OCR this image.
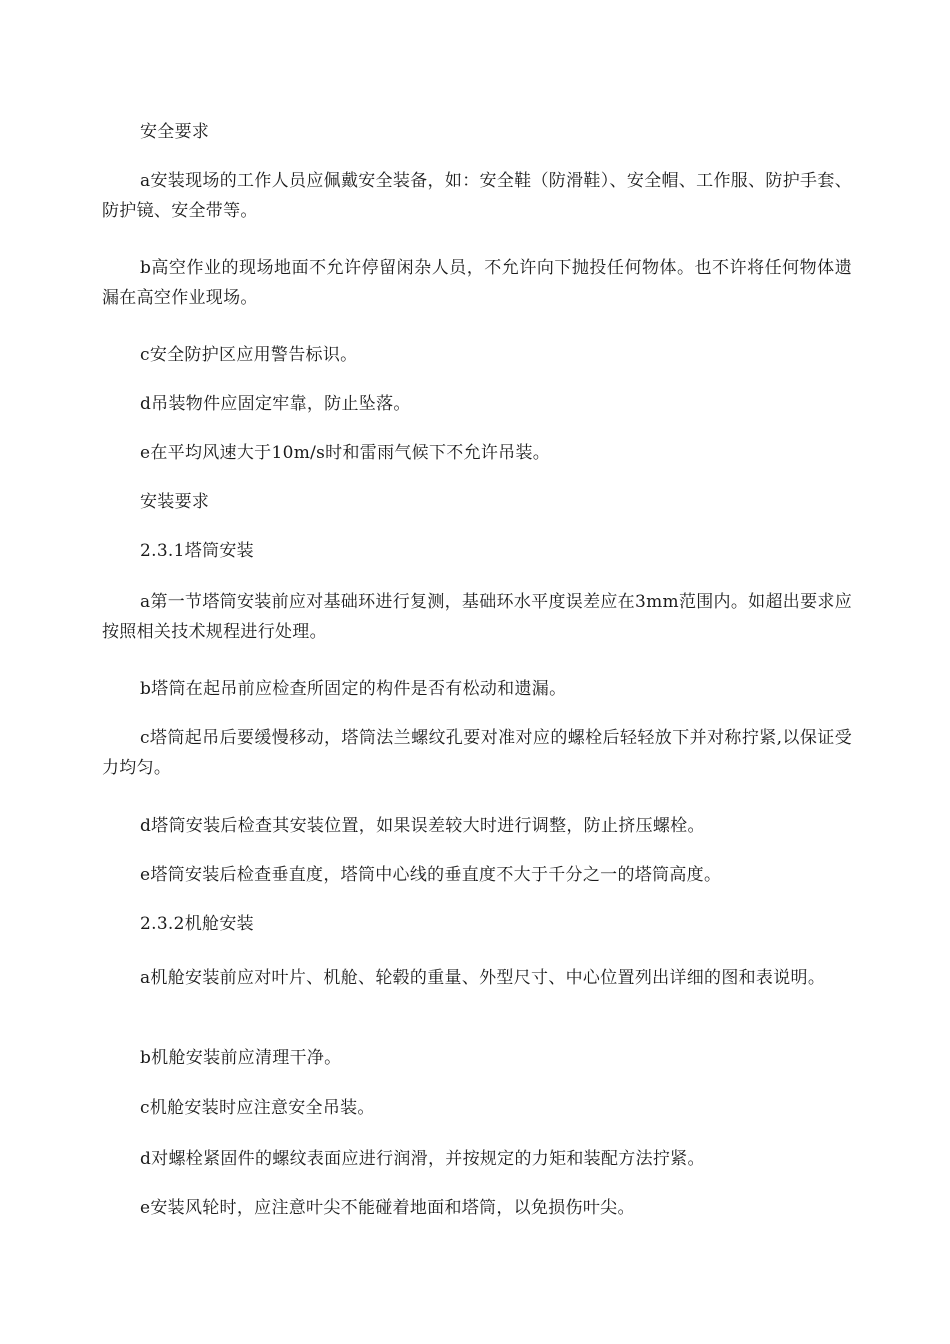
安全要求

a安装现场的工作人员应佩戴安全装备，如：安全鞋（防滑鞋）、安全帽、工作服、防护手套、防护镜、安全带等。

b高空作业的现场地面不允许停留闲杂人员，不允许向下抛投任何物体。也不许将任何物体遗漏在高空作业现场。

c安全防护区应用警告标识。

d吊装物件应固定牢靠，防止坠落。

e在平均风速大于10m/s时和雷雨气候下不允许吊装。

安装要求

2.3.1塔筒安装

a第一节塔筒安装前应对基础环进行复测，基础环水平度误差应在3mm范围内。如超出要求应按照相关技术规程进行处理。

b塔筒在起吊前应检查所固定的构件是否有松动和遗漏。

c塔筒起吊后要缓慢移动，塔筒法兰螺纹孔要对准对应的螺栓后轻轻放下并对称拧紧,以保证受力均匀。

d塔筒安装后检查其安装位置，如果误差较大时进行调整，防止挤压螺栓。

e塔筒安装后检查垂直度，塔筒中心线的垂直度不大于千分之一的塔筒高度。

2.3.2机舱安装

a机舱安装前应对叶片、机舱、轮毂的重量、外型尺寸、中心位置列出详细的图和表说明。

b机舱安装前应清理干净。

c机舱安装时应注意安全吊装。

d对螺栓紧固件的螺纹表面应进行润滑，并按规定的力矩和装配方法拧紧。

e安装风轮时，应注意叶尖不能碰着地面和塔筒，以免损伤叶尖。
